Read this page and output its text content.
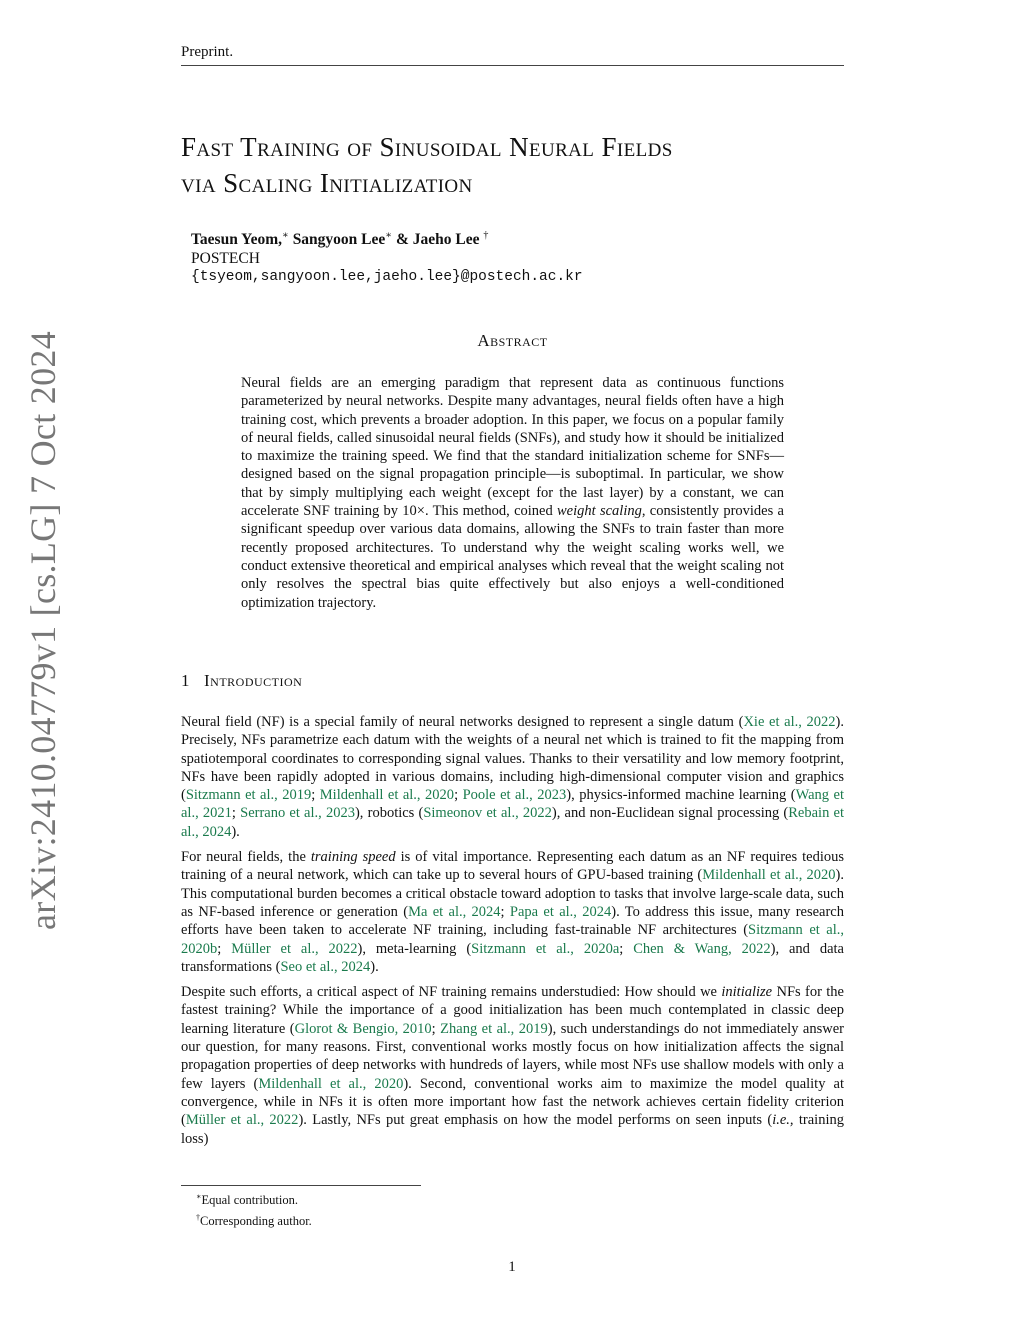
Preprint.
arXiv:2410.04779v1 [cs.LG] 7 Oct 2024
Fast Training of Sinusoidal Neural Fields
via Scaling Initialization
Taesun Yeom,∗ Sangyoon Lee∗ & Jaeho Lee †
POSTECH
{tsyeom,sangyoon.lee,jaeho.lee}@postech.ac.kr
Abstract

Neural fields are an emerging paradigm that represent data as continuous functions parameterized by neural networks. Despite many advantages, neural fields often have a high training cost, which prevents a broader adoption. In this paper, we focus on a popular family of neural fields, called sinusoidal neural fields (SNFs), and study how it should be initialized to maximize the training speed. We find that the standard initialization scheme for SNFs—designed based on the signal propagation principle—is suboptimal. In particular, we show that by simply multiplying each weight (except for the last layer) by a constant, we can accelerate SNF training by 10×. This method, coined weight scaling, consistently provides a significant speedup over various data domains, allowing the SNFs to train faster than more recently proposed architectures. To understand why the weight scaling works well, we conduct extensive theoretical and empirical analyses which reveal that the weight scaling not only resolves the spectral bias quite effectively but also enjoys a well-conditioned optimization trajectory.

1 Introduction

Neural field (NF) is a special family of neural networks designed to represent a single datum (Xie et al., 2022). Precisely, NFs parametrize each datum with the weights of a neural net which is trained to fit the mapping from spatiotemporal coordinates to corresponding signal values. Thanks to their versatility and low memory footprint, NFs have been rapidly adopted in various domains, including high-dimensional computer vision and graphics (Sitzmann et al., 2019; Mildenhall et al., 2020; Poole et al., 2023), physics-informed machine learning (Wang et al., 2021; Serrano et al., 2023), robotics (Simeonov et al., 2022), and non-Euclidean signal processing (Rebain et al., 2024).

For neural fields, the training speed is of vital importance. Representing each datum as an NF requires tedious training of a neural network, which can take up to several hours of GPU-based training (Mildenhall et al., 2020). This computational burden becomes a critical obstacle toward adoption to tasks that involve large-scale data, such as NF-based inference or generation (Ma et al., 2024; Papa et al., 2024). To address this issue, many research efforts have been taken to accelerate NF training, including fast-trainable NF architectures (Sitzmann et al., 2020b; Müller et al., 2022), meta-learning (Sitzmann et al., 2020a; Chen & Wang, 2022), and data transformations (Seo et al., 2024).

Despite such efforts, a critical aspect of NF training remains understudied: How should we initialize NFs for the fastest training? While the importance of a good initialization has been much contemplated in classic deep learning literature (Glorot & Bengio, 2010; Zhang et al., 2019), such understandings do not immediately answer our question, for many reasons. First, conventional works mostly focus on how initialization affects the signal propagation properties of deep networks with hundreds of layers, while most NFs use shallow models with only a few layers (Mildenhall et al., 2020). Second, conventional works aim to maximize the model quality at convergence, while in NFs it is often more important how fast the network achieves certain fidelity criterion (Müller et al., 2022). Lastly, NFs put great emphasis on how the model performs on seen inputs (i.e., training loss)

∗Equal contribution.
†Corresponding author.
1
